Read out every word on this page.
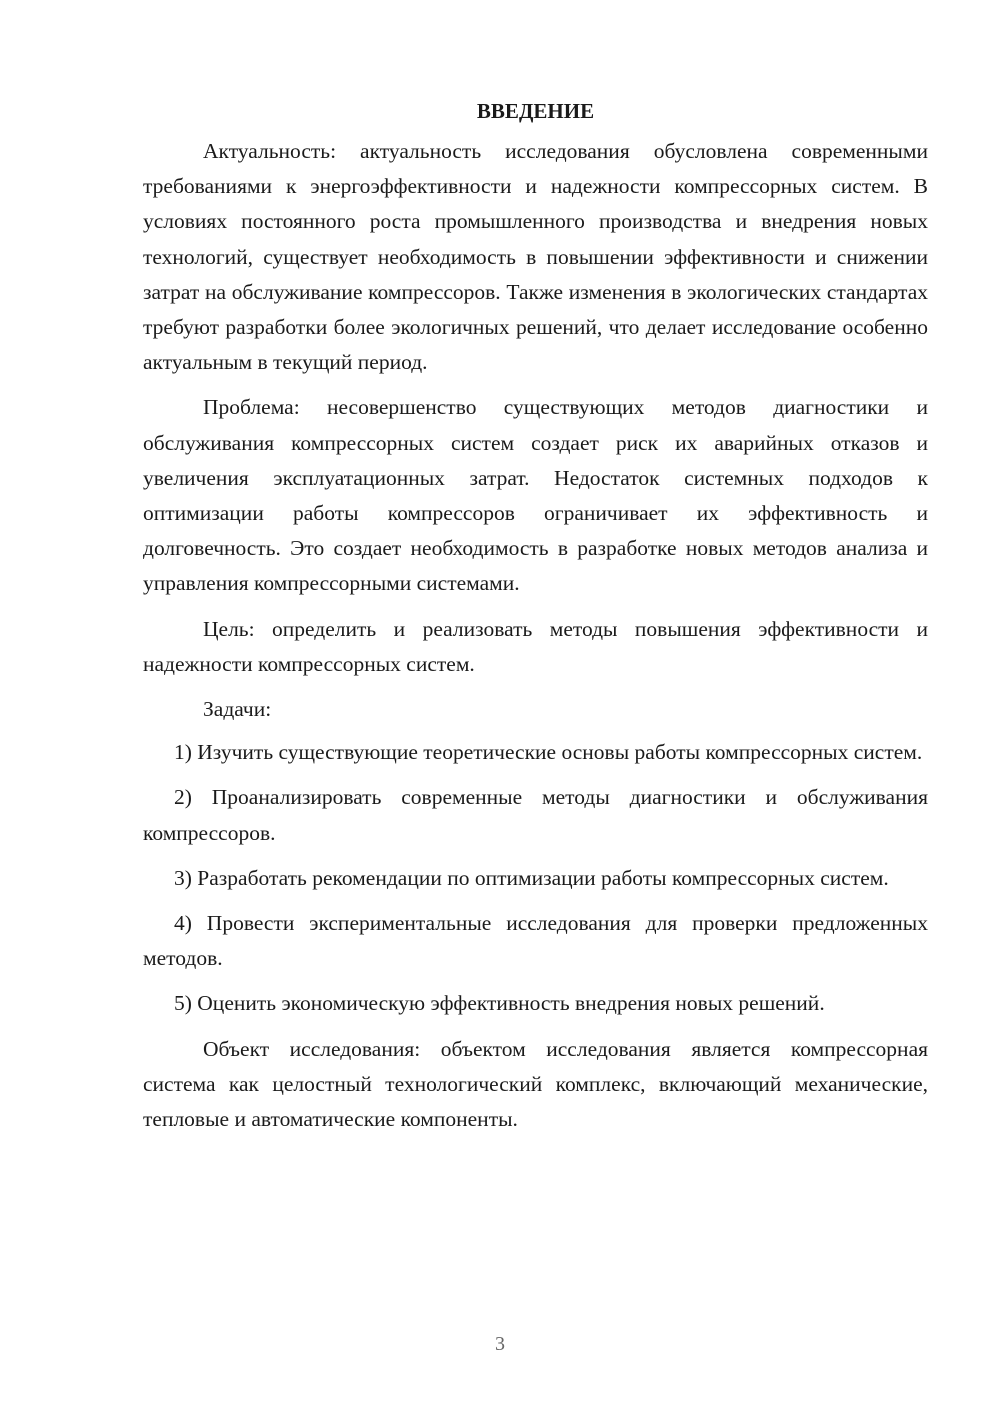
ВВЕДЕНИЕ

Актуальность: актуальность исследования обусловлена современными требованиями к энергоэффективности и надежности компрессорных систем. В условиях постоянного роста промышленного производства и внедрения новых технологий, существует необходимость в повышении эффективности и снижении затрат на обслуживание компрессоров. Также изменения в экологических стандартах требуют разработки более экологичных решений, что делает исследование особенно актуальным в текущий период.

Проблема: несовершенство существующих методов диагностики и обслуживания компрессорных систем создает риск их аварийных отказов и увеличения эксплуатационных затрат. Недостаток системных подходов к оптимизации работы компрессоров ограничивает их эффективность и долговечность. Это создает необходимость в разработке новых методов анализа и управления компрессорными системами.

Цель: определить и реализовать методы повышения эффективности и надежности компрессорных систем.

Задачи:

1) Изучить существующие теоретические основы работы компрессорных систем.

2) Проанализировать современные методы диагностики и обслуживания компрессоров.

3) Разработать рекомендации по оптимизации работы компрессорных систем.

4) Провести экспериментальные исследования для проверки предложенных методов.

5) Оценить экономическую эффективность внедрения новых решений.

Объект исследования: объектом исследования является компрессорная система как целостный технологический комплекс, включающий механические, тепловые и автоматические компоненты.

3
